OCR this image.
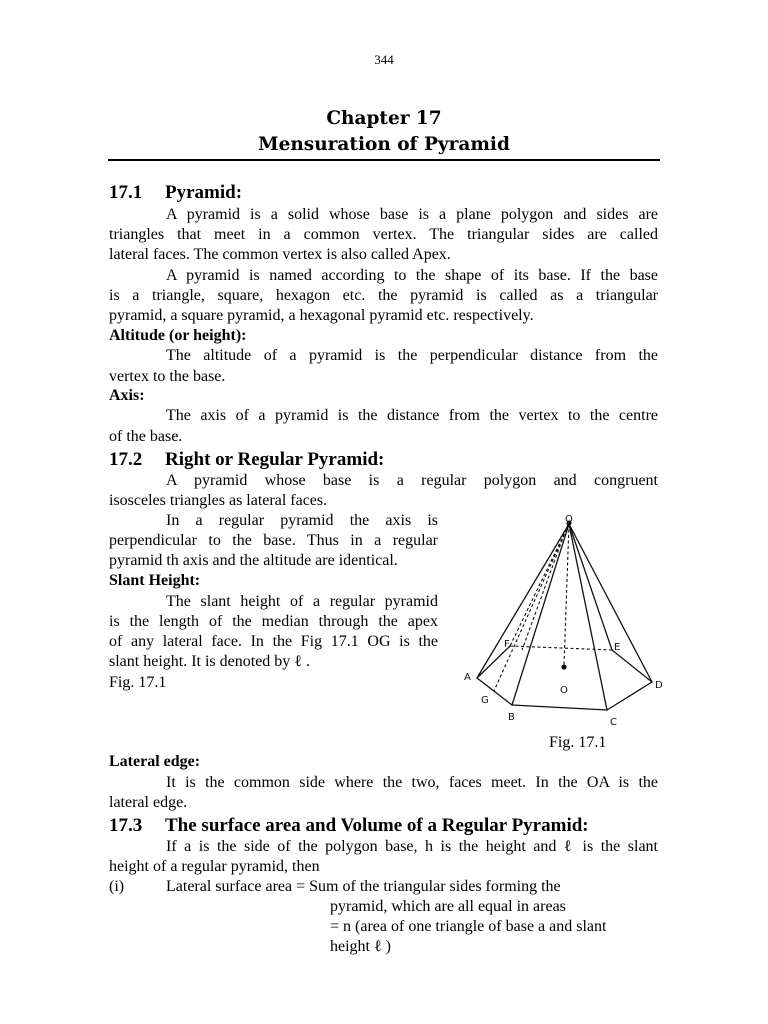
344
Chapter 17
Mensuration of Pyramid
17.1 Pyramid:
A pyramid is a solid whose base is a plane polygon and sides are
triangles that meet in a common vertex. The triangular sides are called
lateral faces. The common vertex is also called Apex.
A pyramid is named according to the shape of its base. If the base
is a triangle, square, hexagon etc. the pyramid is called as a triangular
pyramid, a square pyramid, a hexagonal pyramid etc. respectively.
Altitude (or height):
The altitude of a pyramid is the perpendicular distance from the
vertex to the base.
Axis:
The axis of a pyramid is the distance from the vertex to the centre
of the base.
17.2 Right or Regular Pyramid:
A pyramid whose base is a regular polygon and congruent
isosceles triangles as lateral faces.
In a regular pyramid the axis is
perpendicular to the base. Thus in a regular
pyramid th axis and the altitude are identical.
Slant Height:
The slant height of a regular pyramid
is the length of the median through the apex
of any lateral face. In the Fig 17.1 OG is the
slant height. It is denoted by ℓ .
Fig. 17.1
O
O
A
B	C
D
E
F
G
Fig. 17.1
Lateral edge:
It is the common side where the two, faces meet. In the OA is the
lateral edge.
17.3 The surface area and Volume of a Regular Pyramid:
If a is the side of the polygon base, h is the height and ℓ is the slant
height of a regular pyramid, then
(i)	Lateral surface area = Sum of the triangular sides forming the
pyramid, which are all equal in areas
= n (area of one triangle of base a and slant
height ℓ )
